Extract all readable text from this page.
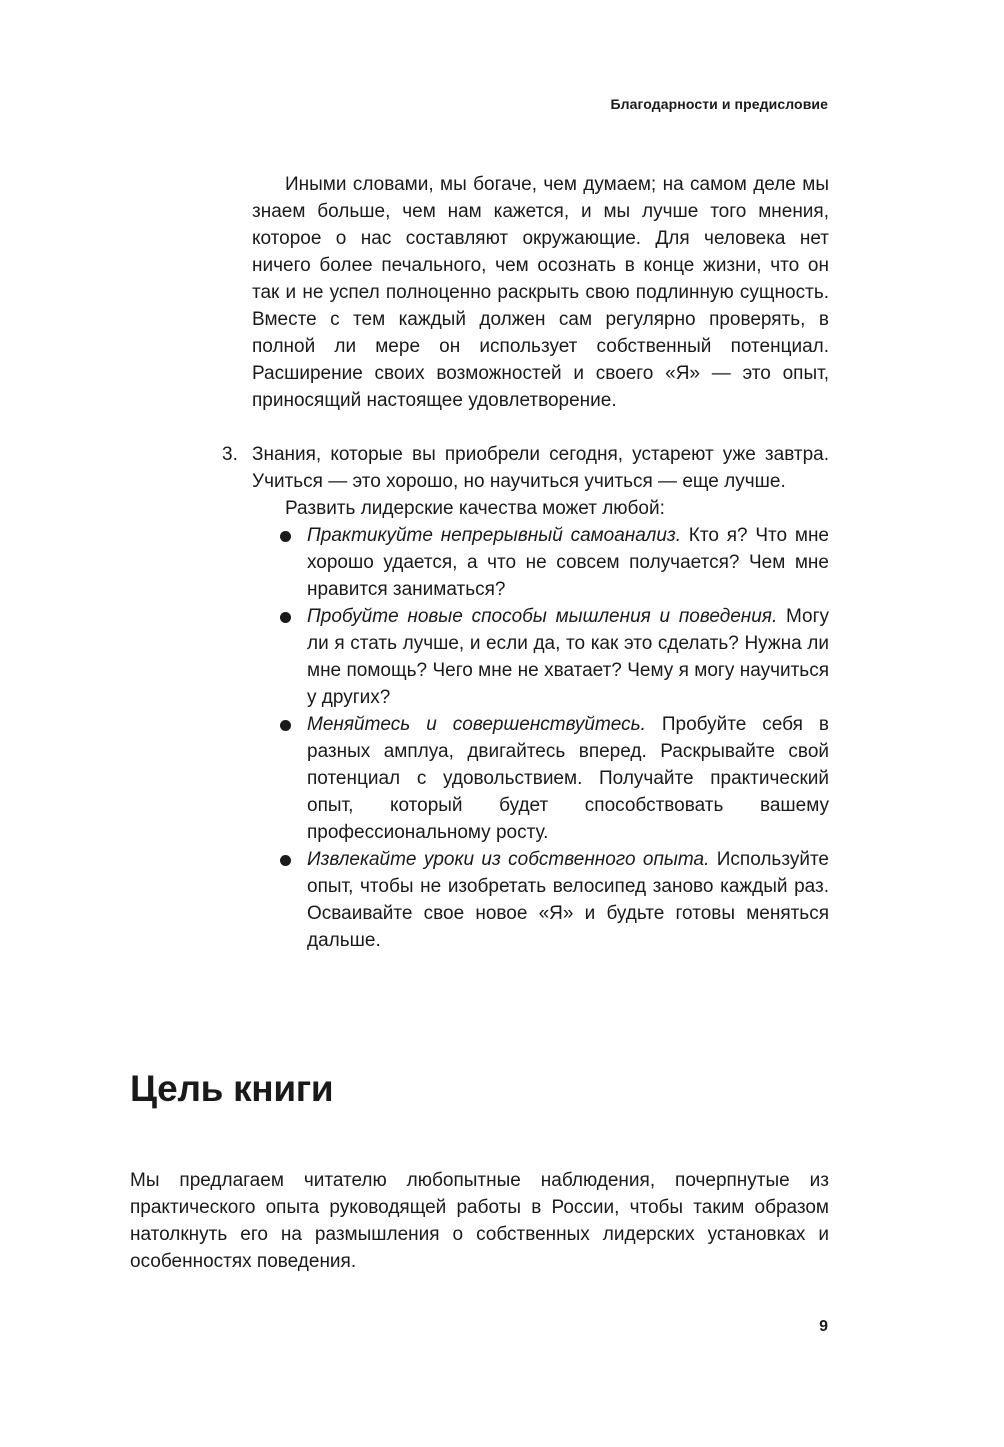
Благодарности и предисловие

Иными словами, мы богаче, чем думаем; на самом деле мы знаем больше, чем нам кажется, и мы лучше того мнения, которое о нас составляют окружающие. Для человека нет ничего более печального, чем осознать в конце жизни, что он так и не успел полноценно раскрыть свою подлинную сущность. Вместе с тем каждый должен сам регулярно проверять, в полной ли мере он использует собственный потенциал. Расширение своих возможностей и своего «Я» — это опыт, приносящий настоящее удовлетворение.

3. Знания, которые вы приобрели сегодня, устареют уже завтра. Учиться — это хорошо, но научиться учиться — еще лучше.

Развить лидерские качества может любой:

Практикуйте непрерывный самоанализ. Кто я? Что мне хорошо удается, а что не совсем получается? Чем мне нравится заниматься?
Пробуйте новые способы мышления и поведения. Могу ли я стать лучше, и если да, то как это сделать? Нужна ли мне помощь? Чего мне не хватает? Чему я могу научиться у других?
Меняйтесь и совершенствуйтесь. Пробуйте себя в разных амплуа, двигайтесь вперед. Раскрывайте свой потенциал с удовольствием. Получайте практический опыт, который будет способствовать вашему профессиональному росту.
Извлекайте уроки из собственного опыта. Используйте опыт, чтобы не изобретать велосипед заново каждый раз. Осваивайте свое новое «Я» и будьте готовы меняться дальше.
Цель книги

Мы предлагаем читателю любопытные наблюдения, почерпнутые из практического опыта руководящей работы в России, чтобы таким образом натолкнуть его на размышления о собственных лидерских установках и особенностях поведения.

9
